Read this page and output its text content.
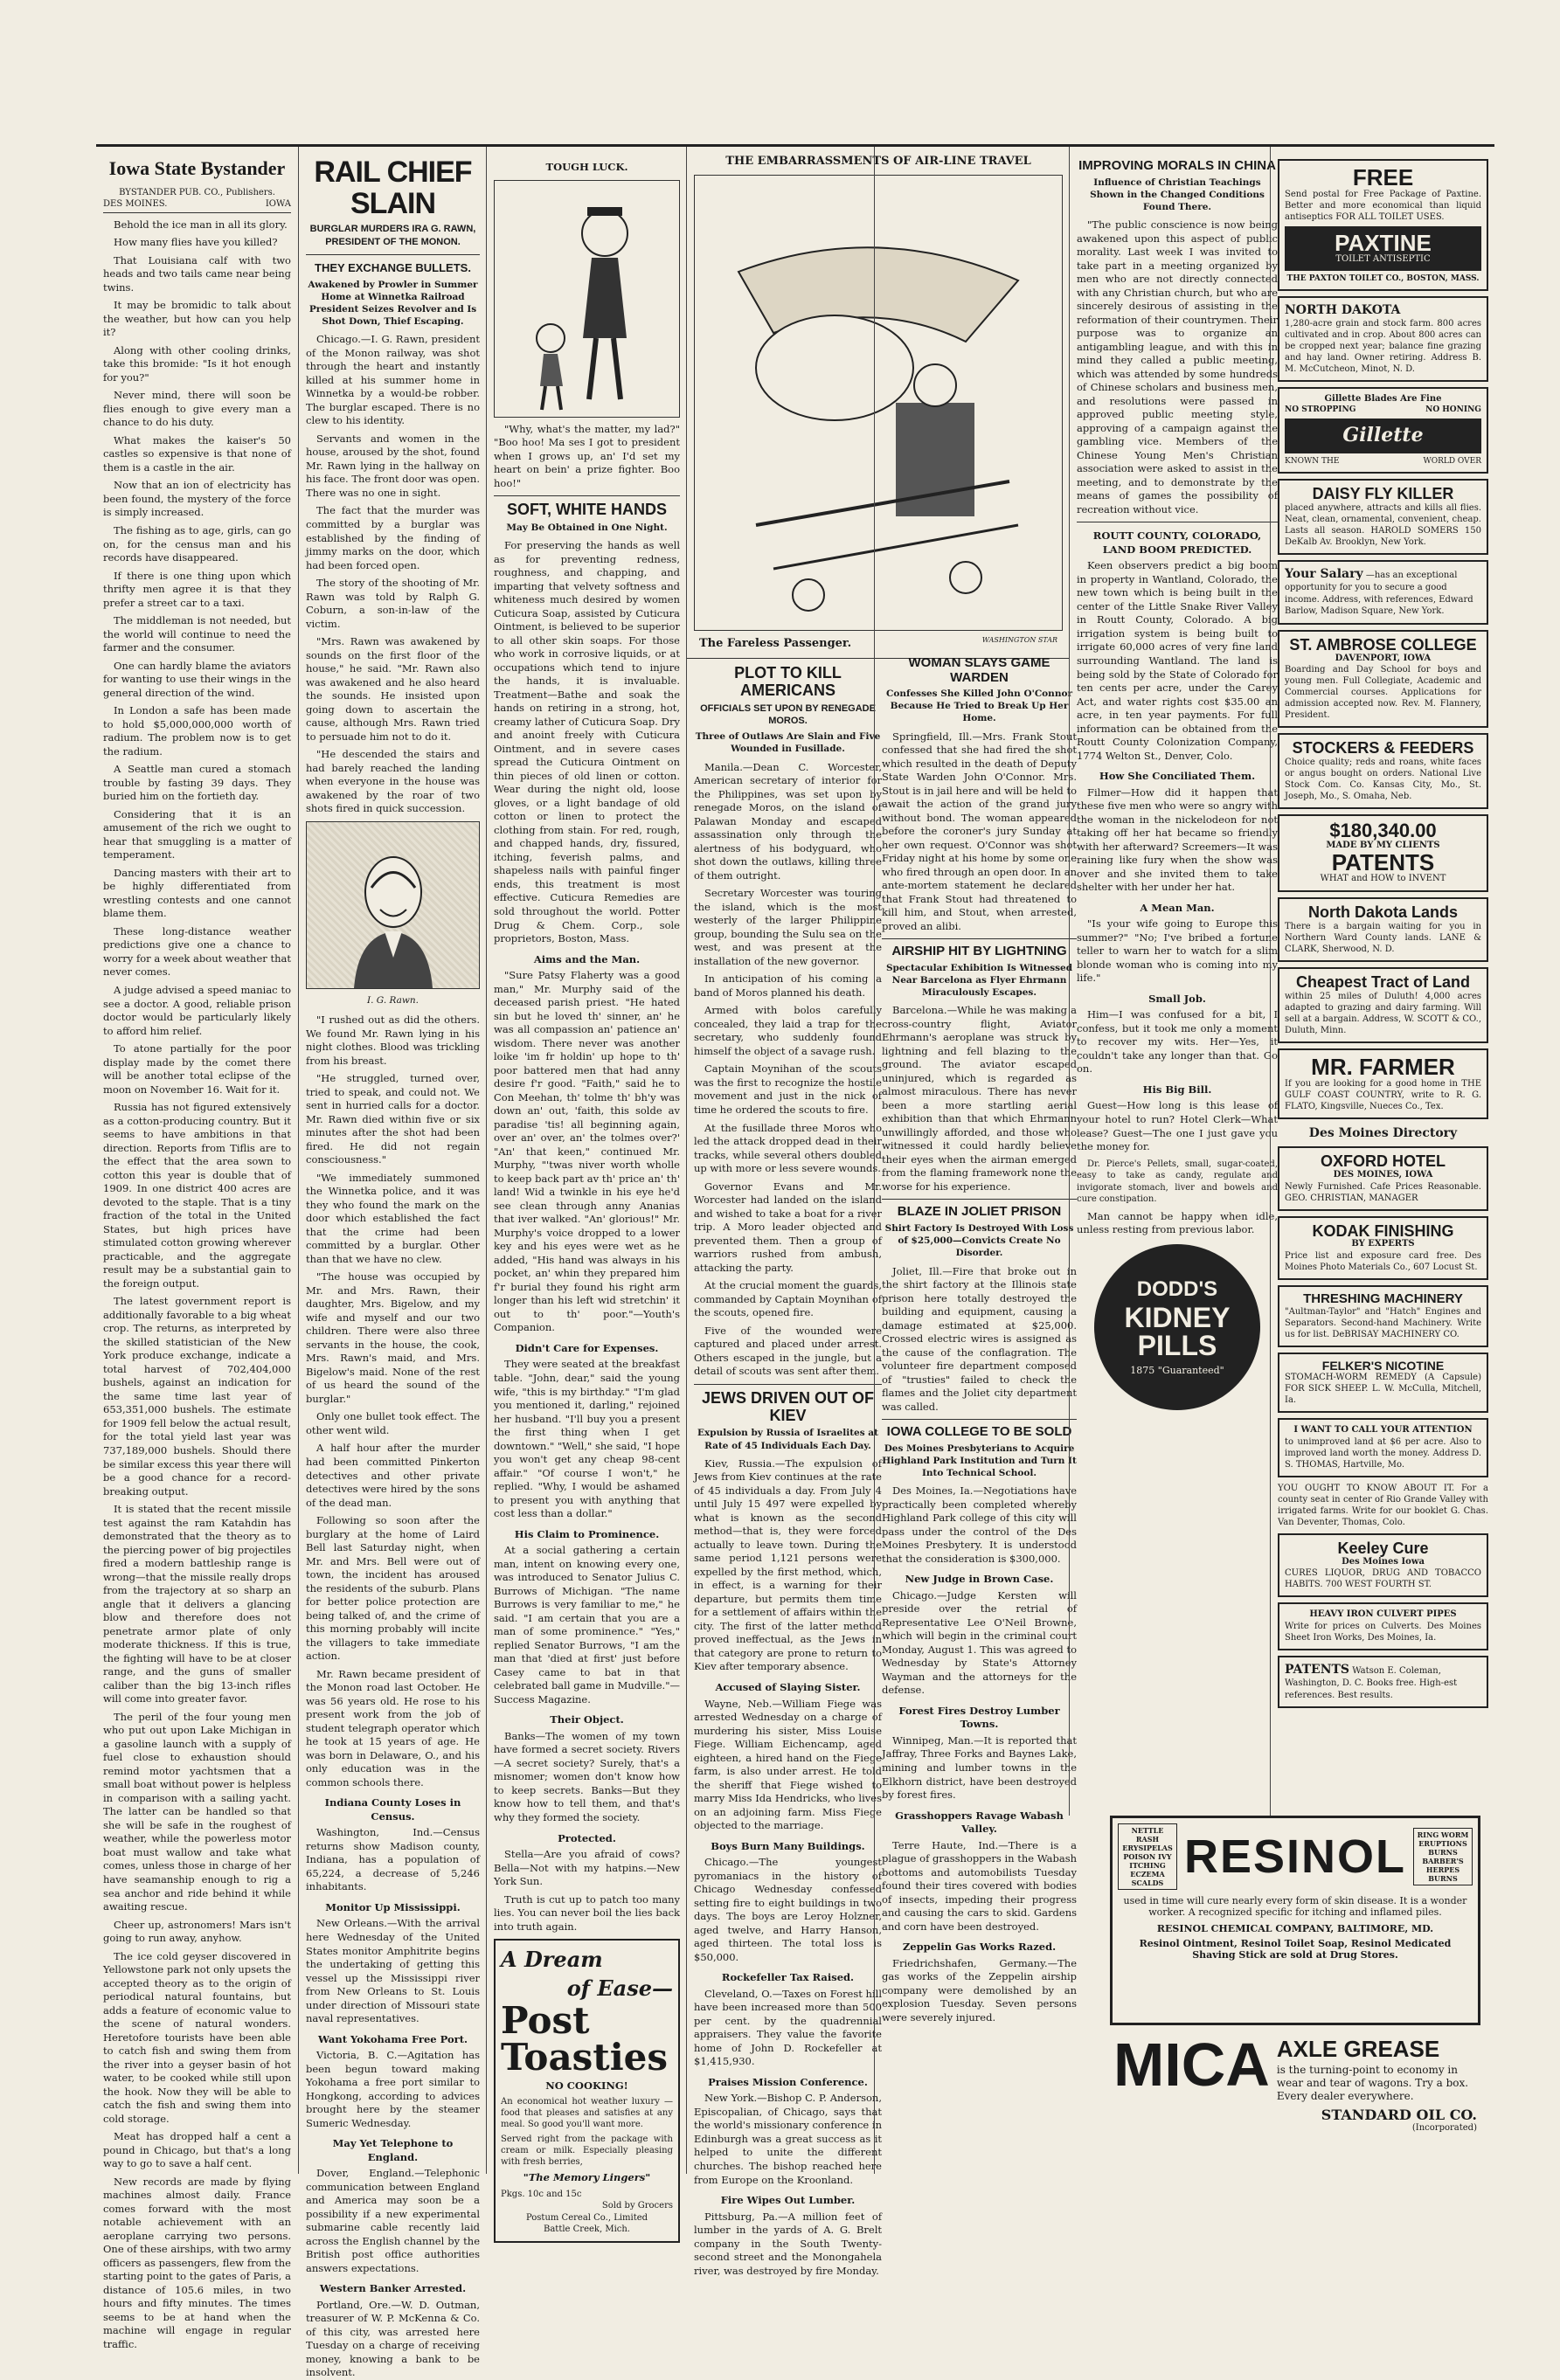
Iowa State Bystander
BYSTANDER PUB. CO., Publishers.
DES MOINES.	IOWA

Behold the ice man in all its glory.

How many flies have you killed?

That Louisiana calf with two heads and two tails came near being twins.

It may be bromidic to talk about the weather, but how can you help it?

Along with other cooling drinks, take this bromide: "Is it hot enough for you?"

Never mind, there will soon be flies enough to give every man a chance to do his duty.

What makes the kaiser's 50 castles so expensive is that none of them is a castle in the air.

Now that an ion of electricity has been found, the mystery of the force is simply increased.

The fishing as to age, girls, can go on, for the census man and his records have disappeared.

If there is one thing upon which thrifty men agree it is that they prefer a street car to a taxi.

The middleman is not needed, but the world will continue to need the farmer and the consumer.

One can hardly blame the aviators for wanting to use their wings in the general direction of the wind.

In London a safe has been made to hold $5,000,000,000 worth of radium. The problem now is to get the radium.

A Seattle man cured a stomach trouble by fasting 39 days. They buried him on the fortieth day.

Considering that it is an amusement of the rich we ought to hear that smuggling is a matter of temperament.

Dancing masters with their art to be highly differentiated from wrestling contests and one cannot blame them.

These long-distance weather predictions give one a chance to worry for a week about weather that never comes.

A judge advised a speed maniac to see a doctor. A good, reliable prison doctor would be particularly likely to afford him relief.

To atone partially for the poor display made by the comet there will be another total eclipse of the moon on November 16. Wait for it.

Russia has not figured extensively as a cotton-producing country. But it seems to have ambitions in that direction. Reports from Tiflis are to the effect that the area sown to cotton this year is double that of 1909. In one district 400 acres are devoted to the staple. That is a tiny fraction of the total in the United States, but high prices have stimulated cotton growing wherever practicable, and the aggregate result may be a substantial gain to the foreign output.

The latest government report is additionally favorable to a big wheat crop. The returns, as interpreted by the skilled statistician of the New York produce exchange, indicate a total harvest of 702,404,000 bushels, against an indication for the same time last year of 653,351,000 bushels. The estimate for 1909 fell below the actual result, for the total yield last year was 737,189,000 bushels. Should there be similar excess this year there will be a good chance for a record-breaking output.

It is stated that the recent missile test against the ram Katahdin has demonstrated that the theory as to the piercing power of big projectiles fired a modern battleship range is wrong—that the missile really drops from the trajectory at so sharp an angle that it delivers a glancing blow and therefore does not penetrate armor plate of only moderate thickness. If this is true, the fighting will have to be at closer range, and the guns of smaller caliber than the big 13-inch rifles will come into greater favor.

The peril of the four young men who put out upon Lake Michigan in a gasoline launch with a supply of fuel close to exhaustion should remind motor yachtsmen that a small boat without power is helpless in comparison with a sailing yacht. The latter can be handled so that she will be safe in the roughest of weather, while the powerless motor boat must wallow and take what comes, unless those in charge of her have seamanship enough to rig a sea anchor and ride behind it while awaiting rescue.

Cheer up, astronomers! Mars isn't going to run away, anyhow.

The ice cold geyser discovered in Yellowstone park not only upsets the accepted theory as to the origin of periodical natural fountains, but adds a feature of economic value to the scene of natural wonders. Heretofore tourists have been able to catch fish and swing them from the river into a geyser basin of hot water, to be cooked while still upon the hook. Now they will be able to catch the fish and swing them into cold storage.

Meat has dropped half a cent a pound in Chicago, but that's a long way to go to save a half cent.

New records are made by flying machines almost daily. France comes forward with the most notable achievement with an aeroplane carrying two persons. One of these airships, with two army officers as passengers, flew from the starting point to the gates of Paris, a distance of 105.6 miles, in two hours and fifty minutes. The times seems to be at hand when the machine will engage in regular traffic.

RAIL CHIEF SLAIN
BURGLAR MURDERS IRA G. RAWN, PRESIDENT OF THE MONON.
THEY EXCHANGE BULLETS.
Awakened by Prowler in Summer Home at Winnetka Railroad President Seizes Revolver and Is Shot Down, Thief Escaping.

Chicago.—I. G. Rawn, president of the Monon railway, was shot through the heart and instantly killed at his summer home in Winnetka by a would-be robber. The burglar escaped. There is no clew to his identity.

Servants and women in the house, aroused by the shot, found Mr. Rawn lying in the hallway on his face. The front door was open. There was no one in sight.

The fact that the murder was committed by a burglar was established by the finding of jimmy marks on the door, which had been forced open.

The story of the shooting of Mr. Rawn was told by Ralph G. Coburn, a son-in-law of the victim.

"Mrs. Rawn was awakened by sounds on the first floor of the house," he said. "Mr. Rawn also was awakened and he also heard the sounds. He insisted upon going down to ascertain the cause, although Mrs. Rawn tried to persuade him not to do it.

"He descended the stairs and had barely reached the landing when everyone in the house was awakened by the roar of two shots fired in quick succession.

I. G. Rawn.

"I rushed out as did the others. We found Mr. Rawn lying in his night clothes. Blood was trickling from his breast.

"He struggled, turned over, tried to speak, and could not. We sent in hurried calls for a doctor. Mr. Rawn died within five or six minutes after the shot had been fired. He did not regain consciousness."

"We immediately summoned the Winnetka police, and it was they who found the mark on the door which established the fact that the crime had been committed by a burglar. Other than that we have no clew.

"The house was occupied by Mr. and Mrs. Rawn, their daughter, Mrs. Bigelow, and my wife and myself and our two children. There were also three servants in the house, the cook, Mrs. Rawn's maid, and Mrs. Bigelow's maid. None of the rest of us heard the sound of the burglar."

Only one bullet took effect. The other went wild.

A half hour after the murder had been committed Pinkerton detectives and other private detectives were hired by the sons of the dead man.

Following so soon after the burglary at the home of Laird Bell last Saturday night, when Mr. and Mrs. Bell were out of town, the incident has aroused the residents of the suburb. Plans for better police protection are being talked of, and the crime of this morning probably will incite the villagers to take immediate action.

Mr. Rawn became president of the Monon road last October. He was 56 years old. He rose to his present work from the job of student telegraph operator which he took at 15 years of age. He was born in Delaware, O., and his only education was in the common schools there.

Indiana County Loses in Census.

Washington, Ind.—Census returns show Madison county, Indiana, has a population of 65,224, a decrease of 5,246 inhabitants.

Monitor Up Mississippi.

New Orleans.—With the arrival here Wednesday of the United States monitor Amphitrite begins the undertaking of getting this vessel up the Mississippi river from New Orleans to St. Louis under direction of Missouri state naval representatives.

Want Yokohama Free Port.

Victoria, B. C.—Agitation has been begun toward making Yokohama a free port similar to Hongkong, according to advices brought here by the steamer Sumeric Wednesday.

May Yet Telephone to England.

Dover, England.—Telephonic communication between England and America may soon be a possibility if a new experimental submarine cable recently laid across the English channel by the British post office authorities answers expectations.

Western Banker Arrested.

Portland, Ore.—W. D. Outman, treasurer of W. P. McKenna & Co. of this city, was arrested here Tuesday on a charge of receiving money, knowing a bank to be insolvent.

TOUGH LUCK.

"Why, what's the matter, my lad?" "Boo hoo! Ma ses I got to president when I grows up, an' I'd set my heart on bein' a prize fighter. Boo hoo!"

SOFT, WHITE HANDS
May Be Obtained in One Night.

For preserving the hands as well as for preventing redness, roughness, and chapping, and imparting that velvety softness and whiteness much desired by women Cuticura Soap, assisted by Cuticura Ointment, is believed to be superior to all other skin soaps. For those who work in corrosive liquids, or at occupations which tend to injure the hands, it is invaluable. Treatment—Bathe and soak the hands on retiring in a strong, hot, creamy lather of Cuticura Soap. Dry and anoint freely with Cuticura Ointment, and in severe cases spread the Cuticura Ointment on thin pieces of old linen or cotton. Wear during the night old, loose gloves, or a light bandage of old cotton or linen to protect the clothing from stain. For red, rough, and chapped hands, dry, fissured, itching, feverish palms, and shapeless nails with painful finger ends, this treatment is most effective. Cuticura Remedies are sold throughout the world. Potter Drug & Chem. Corp., sole proprietors, Boston, Mass.

Aims and the Man.

"Sure Patsy Flaherty was a good man," Mr. Murphy said of the deceased parish priest. "He hated sin but he loved th' sinner, an' he was all compassion an' patience an' wisdom. There never was another loike 'im fr holdin' up hope to th' poor battered men that had anny desire f'r good. "Faith," said he to Con Meehan, th' tolme th' bh'y was down an' out, 'faith, this solde av paradise 'tis! all beginning again, over an' over, an' the tolmes over?' "An' that keen," continued Mr. Murphy, "'twas niver worth wholle to keep back part av th' price an' th' land! Wid a twinkle in his eye he'd see clean through anny Ananias that iver walked. "An' glorious!" Mr. Murphy's voice dropped to a lower key and his eyes were wet as he added, "His hand was always in his pocket, an' whin they prepared him f'r burial they found his right arm longer than his left wid stretchin' it out to th' poor."—Youth's Companion.

Didn't Care for Expenses.

They were seated at the breakfast table. "John, dear," said the young wife, "this is my birthday." "I'm glad you mentioned it, darling," rejoined her husband. "I'll buy you a present the first thing when I get downtown." "Well," she said, "I hope you won't get any cheap 98-cent affair." "Of course I won't," he replied. "Why, I would be ashamed to present you with anything that cost less than a dollar."

His Claim to Prominence.

At a social gathering a certain man, intent on knowing every one, was introduced to Senator Julius C. Burrows of Michigan. "The name Burrows is very familiar to me," he said. "I am certain that you are a man of some prominence." "Yes," replied Senator Burrows, "I am the man that 'died at first' just before Casey came to bat in that celebrated ball game in Mudville."—Success Magazine.

Their Object.

Banks—The women of my town have formed a secret society. Rivers—A secret society? Surely, that's a misnomer; women don't know how to keep secrets. Banks—But they know how to tell them, and that's why they formed the society.

Protected.

Stella—Are you afraid of cows? Bella—Not with my hatpins.—New York Sun.

Truth is cut up to patch too many lies. You can never boil the lies back into truth again.

A Dream
of Ease—
Post
Toasties
NO COOKING!
An economical hot weather luxury — food that pleases and satisfies at any meal. So good you'll want more.
Served right from the package with cream or milk. Especially pleasing with fresh berries,
"The Memory Lingers"
Pkgs. 10c and 15c
Sold by Grocers
Postum Cereal Co., Limited
Battle Creek, Mich.
THE EMBARRASSMENTS OF AIR-LINE TRAVEL
The Fareless Passenger.	WASHINGTON STAR
PLOT TO KILL AMERICANS
OFFICIALS SET UPON BY RENEGADE MOROS.
Three of Outlaws Are Slain and Five Wounded in Fusillade.

Manila.—Dean C. Worcester, American secretary of interior for the Philippines, was set upon by renegade Moros, on the island of Palawan Monday and escaped assassination only through the alertness of his bodyguard, who shot down the outlaws, killing three of them outright.

Secretary Worcester was touring the island, which is the most westerly of the larger Philippine group, bounding the Sulu sea on the west, and was present at the installation of the new governor.

In anticipation of his coming a band of Moros planned his death.

Armed with bolos carefully concealed, they laid a trap for the secretary, who suddenly found himself the object of a savage rush.

Captain Moynihan of the scouts was the first to recognize the hostile movement and just in the nick of time he ordered the scouts to fire.

At the fusillade three Moros who led the attack dropped dead in their tracks, while several others doubled up with more or less severe wounds.

Governor Evans and Mr. Worcester had landed on the island and wished to take a boat for a river trip. A Moro leader objected and prevented them. Then a group of warriors rushed from ambush, attacking the party.

At the crucial moment the guards, commanded by Captain Moynihan of the scouts, opened fire.

Five of the wounded were captured and placed under arrest. Others escaped in the jungle, but a detail of scouts was sent after them.

JEWS DRIVEN OUT OF KIEV
Expulsion by Russia of Israelites at Rate of 45 Individuals Each Day.

Kiev, Russia.—The expulsion of Jews from Kiev continues at the rate of 45 individuals a day. From July 4 until July 15 497 were expelled by what is known as the second method—that is, they were forced actually to leave town. During the same period 1,121 persons were expelled by the first method, which, in effect, is a warning for their departure, but permits them time for a settlement of affairs within the city. The first of the latter method proved ineffectual, as the Jews in that category are prone to return to Kiev after temporary absence.

Accused of Slaying Sister.

Wayne, Neb.—William Fiege was arrested Wednesday on a charge of murdering his sister, Miss Louise Fiege. William Eichencamp, aged eighteen, a hired hand on the Fiege farm, is also under arrest. He told the sheriff that Fiege wished to marry Miss Ida Hendricks, who lives on an adjoining farm. Miss Fiege objected to the marriage.

Boys Burn Many Buildings.

Chicago.—The youngest pyromaniacs in the history of Chicago Wednesday confessed setting fire to eight buildings in two days. The boys are Leroy Holzner, aged twelve, and Harry Hanson, aged thirteen. The total loss is $50,000.

Rockefeller Tax Raised.

Cleveland, O.—Taxes on Forest hill have been increased more than 500 per cent. by the quadrennial appraisers. They value the favorite home of John D. Rockefeller at $1,415,930.

Praises Mission Conference.

New York.—Bishop C. P. Anderson, Episcopalian, of Chicago, says that the world's missionary conference in Edinburgh was a great success as it helped to unite the different churches. The bishop reached here from Europe on the Kroonland.

Fire Wipes Out Lumber.

Pittsburg, Pa.—A million feet of lumber in the yards of A. G. Brelt company in the South Twenty-second street and the Monongahela river, was destroyed by fire Monday.

WOMAN SLAYS GAME WARDEN
Confesses She Killed John O'Connor Because He Tried to Break Up Her Home.

Springfield, Ill.—Mrs. Frank Stout confessed that she had fired the shot which resulted in the death of Deputy State Warden John O'Connor. Mrs. Stout is in jail here and will be held to await the action of the grand jury without bond. The woman appeared before the coroner's jury Sunday at her own request. O'Connor was shot Friday night at his home by some one who fired through an open door. In an ante-mortem statement he declared that Frank Stout had threatened to kill him, and Stout, when arrested, proved an alibi.

AIRSHIP HIT BY LIGHTNING
Spectacular Exhibition Is Witnessed Near Barcelona as Flyer Ehrmann Miraculously Escapes.

Barcelona.—While he was making a cross-country flight, Aviator Ehrmann's aeroplane was struck by lightning and fell blazing to the ground. The aviator escaped uninjured, which is regarded as almost miraculous. There has never been a more startling aerial exhibition than that which Ehrmann unwillingly afforded, and those who witnessed it could hardly believe their eyes when the airman emerged from the flaming framework none the worse for his experience.

BLAZE IN JOLIET PRISON
Shirt Factory Is Destroyed With Loss of $25,000—Convicts Create No Disorder.

Joliet, Ill.—Fire that broke out in the shirt factory at the Illinois state prison here totally destroyed the building and equipment, causing a damage estimated at $25,000. Crossed electric wires is assigned as the cause of the conflagration. The volunteer fire department composed of "trusties" failed to check the flames and the Joliet city department was called.

IOWA COLLEGE TO BE SOLD
Des Moines Presbyterians to Acquire Highland Park Institution and Turn It Into Technical School.

Des Moines, Ia.—Negotiations have practically been completed whereby Highland Park college of this city will pass under the control of the Des Moines Presbytery. It is understood that the consideration is $300,000.

New Judge in Brown Case.

Chicago.—Judge Kersten will preside over the retrial of Representative Lee O'Neil Browne, which will begin in the criminal court Monday, August 1. This was agreed to Wednesday by State's Attorney Wayman and the attorneys for the defense.

Forest Fires Destroy Lumber Towns.

Winnipeg, Man.—It is reported that Jaffray, Three Forks and Baynes Lake, mining and lumber towns in the Elkhorn district, have been destroyed by forest fires.

Grasshoppers Ravage Wabash Valley.

Terre Haute, Ind.—There is a plague of grasshoppers in the Wabash bottoms and automobilists Tuesday found their tires covered with bodies of insects, impeding their progress and causing the cars to skid. Gardens and corn have been destroyed.

Zeppelin Gas Works Razed.

Friedrichshafen, Germany.—The gas works of the Zeppelin airship company were demolished by an explosion Tuesday. Seven persons were severely injured.

IMPROVING MORALS IN CHINA
Influence of Christian Teachings Shown in the Changed Conditions Found There.

"The public conscience is now being awakened upon this aspect of public morality. Last week I was invited to take part in a meeting organized by men who are not directly connected with any Christian church, but who are sincerely desirous of assisting in the reformation of their countrymen. Their purpose was to organize an antigambling league, and with this in mind they called a public meeting, which was attended by some hundreds of Chinese scholars and business men, and resolutions were passed in approved public meeting style, approving of a campaign against the gambling vice. Members of the Chinese Young Men's Christian association were asked to assist in the meeting, and to demonstrate by the means of games the possibility of recreation without vice.

ROUTT COUNTY, COLORADO, LAND BOOM PREDICTED.

Keen observers predict a big boom in property in Wantland, Colorado, the new town which is being built in the center of the Little Snake River Valley in Routt County, Colorado. A big irrigation system is being built to irrigate 60,000 acres of very fine land surrounding Wantland. The land is being sold by the State of Colorado for ten cents per acre, under the Carey Act, and water rights cost $35.00 an acre, in ten year payments. For full information can be obtained from the Routt County Colonization Company, 1774 Welton St., Denver, Colo.

How She Conciliated Them.

Filmer—How did it happen that these five men who were so angry with the woman in the nickelodeon for not taking off her hat became so friendly with her afterward? Screemers—It was raining like fury when the show was over and she invited them to take shelter with her under her hat.

A Mean Man.

"Is your wife going to Europe this summer?" "No; I've bribed a fortune teller to warn her to watch for a slim blonde woman who is coming into my life."

Small Job.

Him—I was confused for a bit, I confess, but it took me only a moment to recover my wits. Her—Yes, it couldn't take any longer than that. Go on.

His Big Bill.

Guest—How long is this lease of your hotel to run? Hotel Clerk—What lease? Guest—The one I just gave you the money for.

Dr. Pierce's Pellets, small, sugar-coated, easy to take as candy, regulate and invigorate stomach, liver and bowels and cure constipation.

Man cannot be happy when idle, unless resting from previous labor.

DODD'S
KIDNEY
PILLS
1875 "Guaranteed"
FREE
Send postal for Free Package of Paxtine. Better and more economical than liquid antiseptics FOR ALL TOILET USES.
PAXTINE
TOILET ANTISEPTIC
THE PAXTON TOILET CO., BOSTON, MASS.
NORTH DAKOTA
1,280-acre grain and stock farm. 800 acres cultivated and in crop. About 800 acres can be cropped next year; balance fine grazing and hay land. Owner retiring. Address B. M. McCutcheon, Minot, N. D.
Gillette Blades Are Fine
NO STROPPING	NO HONING
Gillette
KNOWN THE	WORLD OVER
DAISY FLY KILLER
placed anywhere, attracts and kills all flies. Neat, clean, ornamental, convenient, cheap. Lasts all season. HAROLD SOMERS 150 DeKalb Av. Brooklyn, New York.
Your Salary —has an exceptional opportunity for you to secure a good income. Address, with references, Edward Barlow, Madison Square, New York.
ST. AMBROSE COLLEGE
DAVENPORT, IOWA
Boarding and Day School for boys and young men. Full Collegiate, Academic and Commercial courses. Applications for admission accepted now. Rev. M. Flannery, President.
STOCKERS & FEEDERS
Choice quality; reds and roans, white faces or angus bought on orders. National Live Stock Com. Co. Kansas City, Mo., St. Joseph, Mo., S. Omaha, Neb.
$180,340.00
MADE BY MY CLIENTS
PATENTS
WHAT and HOW to INVENT
North Dakota Lands
There is a bargain waiting for you in Northern Ward County lands. LANE & CLARK, Sherwood, N. D.
Cheapest Tract of Land
within 25 miles of Duluth! 4,000 acres adapted to grazing and dairy farming. Will sell at a bargain. Address, W. SCOTT & CO., Duluth, Minn.
MR. FARMER
If you are looking for a good home in THE GULF COAST COUNTRY, write to R. G. FLATO, Kingsville, Nueces Co., Tex.
Des Moines Directory
OXFORD HOTEL
DES MOINES, IOWA
Newly Furnished. Cafe Prices Reasonable. GEO. CHRISTIAN, MANAGER
KODAK FINISHING
BY EXPERTS
Price list and exposure card free. Des Moines Photo Materials Co., 607 Locust St.
THRESHING MACHINERY
"Aultman-Taylor" and "Hatch" Engines and Separators. Second-hand Machinery. Write us for list. DeBRISAY MACHINERY CO.
FELKER'S NICOTINE
STOMACH-WORM REMEDY (A Capsule) FOR SICK SHEEP. L. W. McCulla, Mitchell, Ia.
I WANT TO CALL YOUR ATTENTION
to unimproved land at $6 per acre. Also to improved land worth the money. Address D. S. THOMAS, Hartville, Mo.
YOU OUGHT TO KNOW ABOUT IT. For a county seat in center of Rio Grande Valley with irrigated farms. Write for our booklet G. Chas. Van Deventer, Thomas, Colo.
Keeley Cure
Des Moines Iowa
CURES LIQUOR, DRUG AND TOBACCO HABITS. 700 WEST FOURTH ST.
HEAVY IRON CULVERT PIPES
Write for prices on Culverts. Des Moines Sheet Iron Works, Des Moines, Ia.
PATENTS Watson E. Coleman, Washington, D. C. Books free. High-est references. Best results.
NETTLE RASH ERYSIPELAS POISON IVY ITCHING ECZEMA SCALDS RESINOL	RING WORM ERUPTIONS BURNS BARBER'S HERPES BURNS
used in time will cure nearly every form of skin disease. It is a wonder worker. A recognized specific for itching and inflamed piles.
RESINOL CHEMICAL COMPANY, BALTIMORE, MD.
Resinol Ointment, Resinol Toilet Soap, Resinol Medicated Shaving Stick are sold at Drug Stores.
MICA AXLE GREASE
is the turning-point to economy in wear and tear of wagons. Try a box. Every dealer everywhere.
STANDARD OIL CO.
(Incorporated)
